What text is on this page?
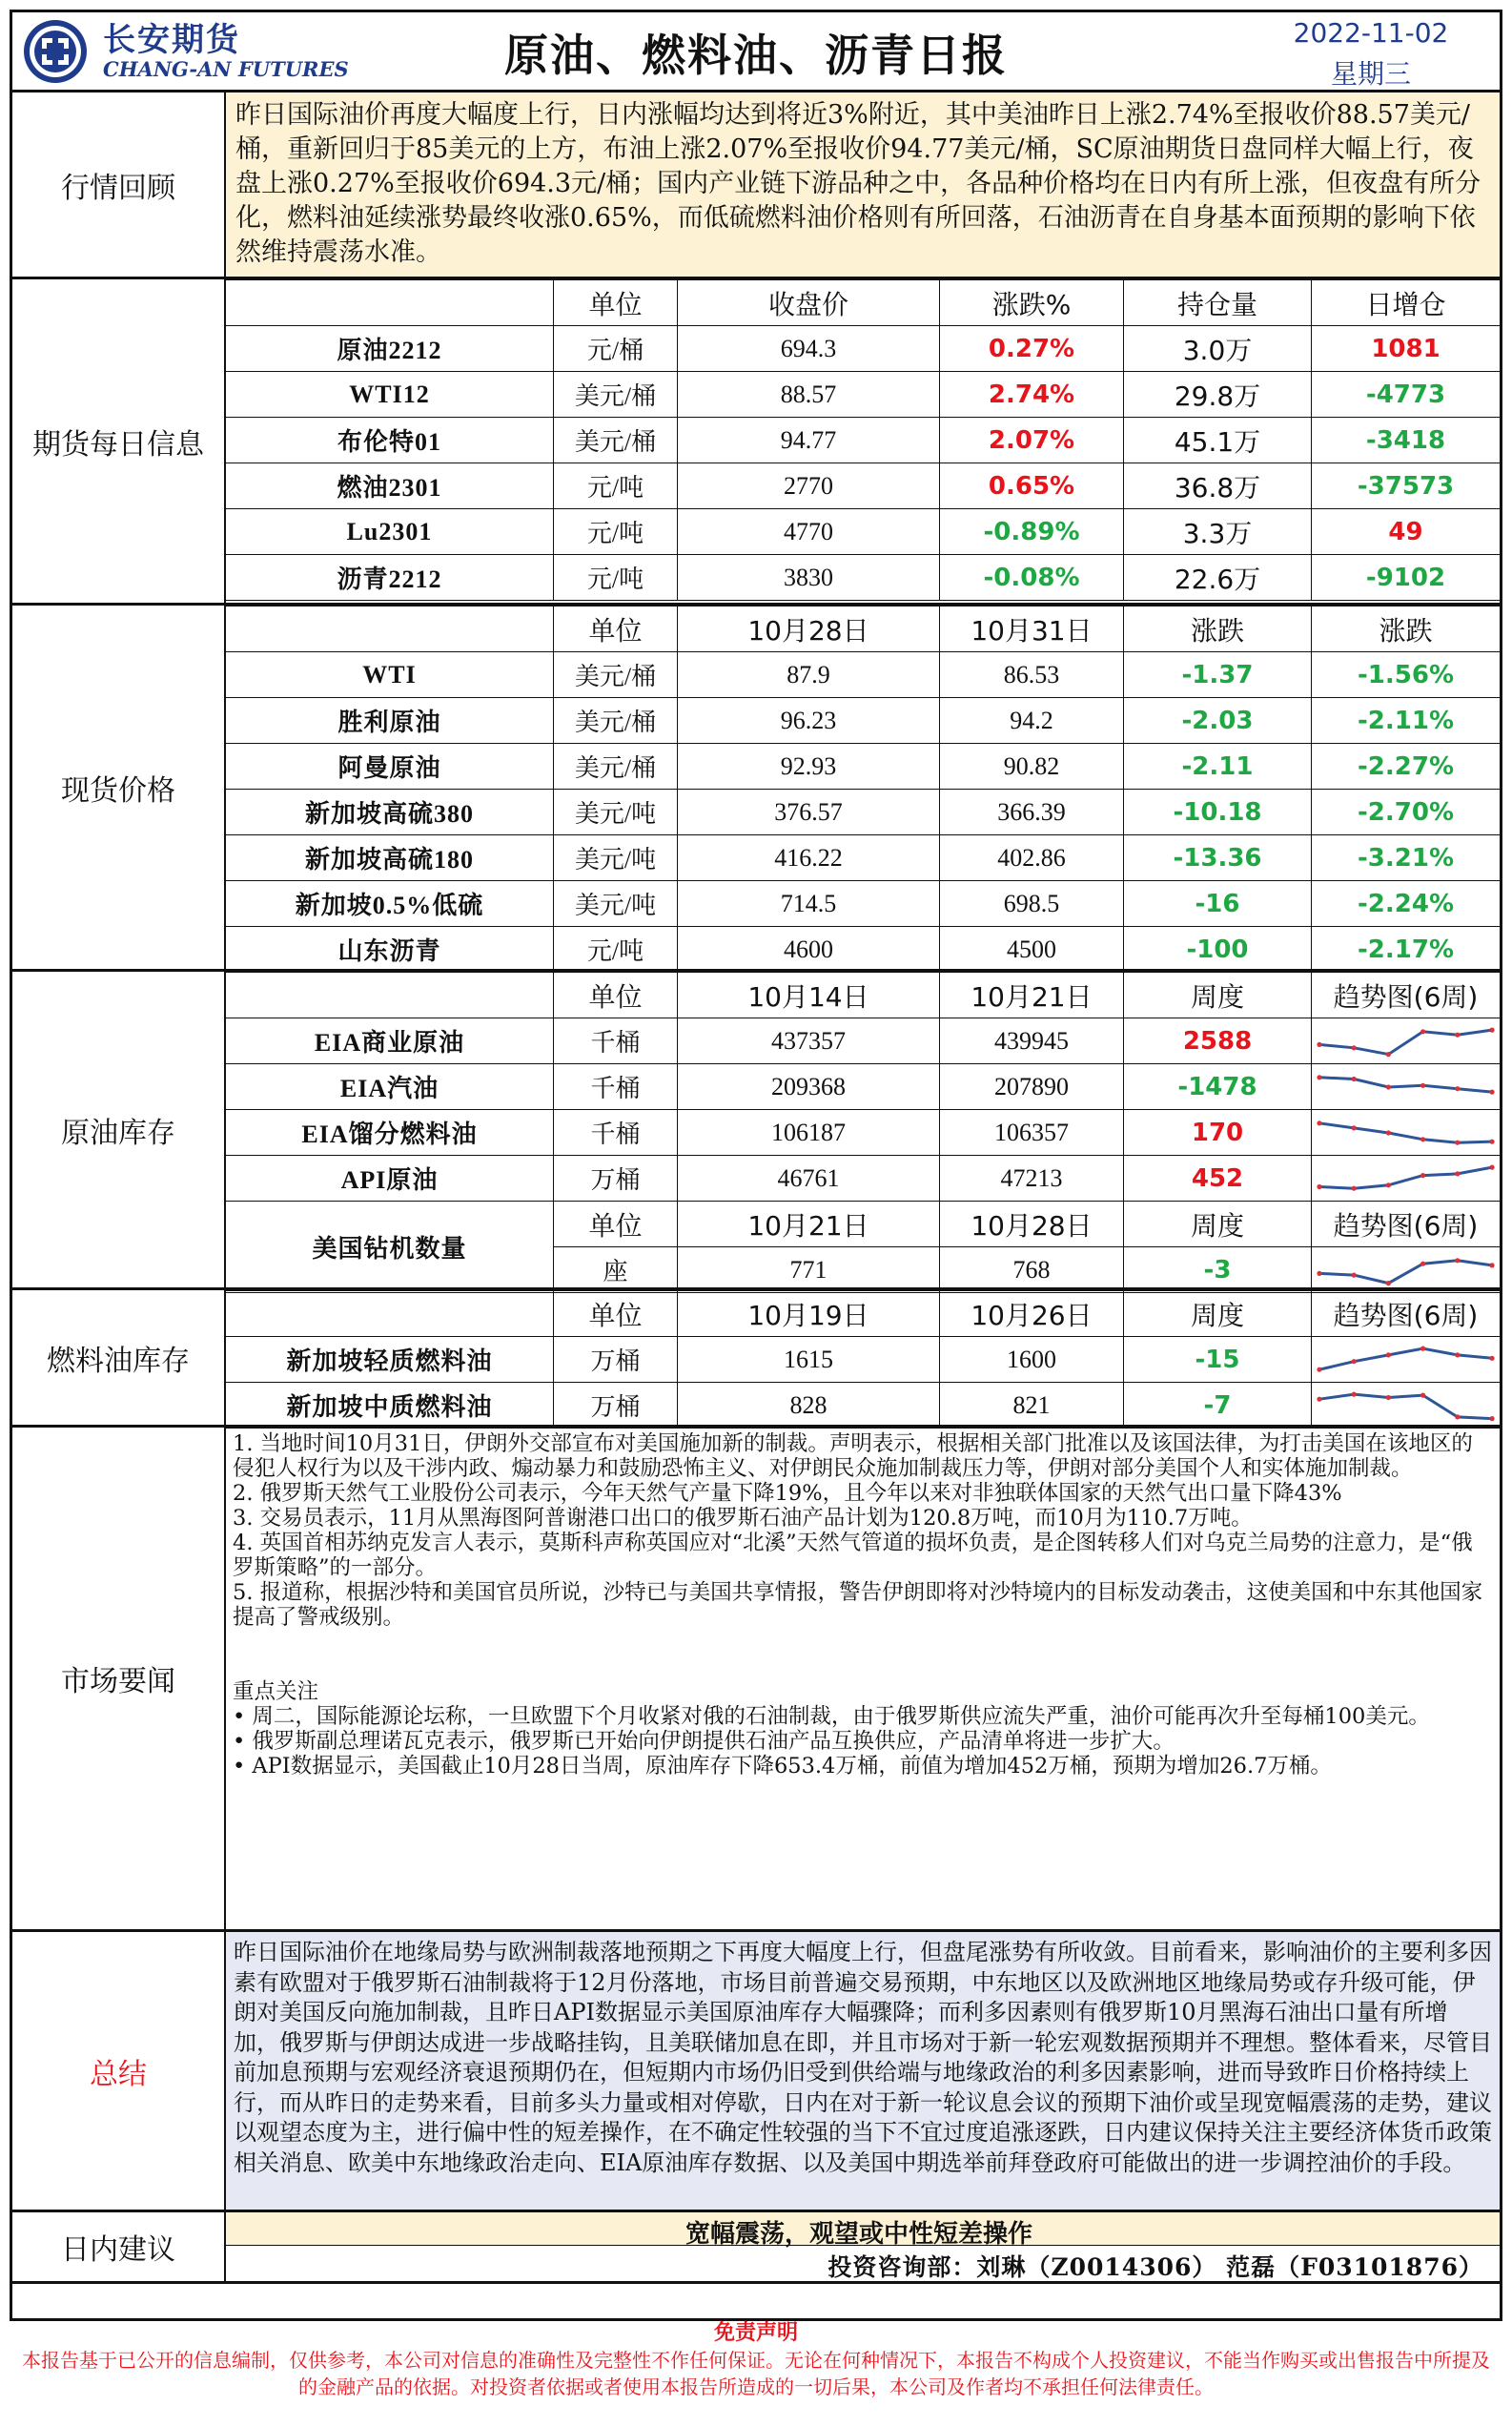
长安期货
CHANG-AN FUTURES	原油、燃料油、沥青日报	2022-11-02
星期三
行情回顾
昨日国际油价再度大幅度上行，日内涨幅均达到将近3%附近，其中美油昨日上涨2.74%至报收价88.57美元/桶，重新回归于85美元的上方，布油上涨2.07%至报收价94.77美元/桶，SC原油期货日盘同样大幅上行，夜盘上涨0.27%至报收价694.3元/桶；国内产业链下游品种之中，各品种价格均在日内有所上涨，但夜盘有所分化，燃料油延续涨势最终收涨0.65%，而低硫燃料油价格则有所回落，石油沥青在自身基本面预期的影响下依然维持震荡水准。
期货每日信息
	单位	收盘价	涨跌%	持仓量	日增仓
原油2212	元/桶	694.3	0.27%	3.0万	1081
WTI12	美元/桶	88.57	2.74%	29.8万	-4773
布伦特01	美元/桶	94.77	2.07%	45.1万	-3418
燃油2301	元/吨	2770	0.65%	36.8万	-37573
Lu2301	元/吨	4770	-0.89%	3.3万	49
沥青2212	元/吨	3830	-0.08%	22.6万	-9102
现货价格
	单位	10月28日	10月31日	涨跌	涨跌
WTI	美元/桶	87.9	86.53	-1.37	-1.56%
胜利原油	美元/桶	96.23	94.2	-2.03	-2.11%
阿曼原油	美元/桶	92.93	90.82	-2.11	-2.27%
新加坡高硫380	美元/吨	376.57	366.39	-10.18	-2.70%
新加坡高硫180	美元/吨	416.22	402.86	-13.36	-3.21%
新加坡0.5%低硫	美元/吨	714.5	698.5	-16	-2.24%
山东沥青	元/吨	4600	4500	-100	-2.17%
原油库存
	单位	10月14日	10月21日	周度	趋势图(6周)
EIA商业原油	千桶	437357	439945	2588	

EIA汽油	千桶	209368	207890	-1478	

EIA馏分燃料油	千桶	106187	106357	170	

API原油	万桶	46761	47213	452	

美国钻机数量	单位	10月21日	10月28日	周度	趋势图(6周)
	座	771	768	-3	
燃料油库存
	单位	10月19日	10月26日	周度	趋势图(6周)
新加坡轻质燃料油	万桶	1615	1600	-15	

新加坡中质燃料油	万桶	828	821	-7	
市场要闻

1. 当地时间10月31日，伊朗外交部宣布对美国施加新的制裁。声明表示，根据相关部门批准以及该国法律，为打击美国在该地区的侵犯人权行为以及干涉内政、煽动暴力和鼓励恐怖主义、对伊朗民众施加制裁压力等，伊朗对部分美国个人和实体施加制裁。

2. 俄罗斯天然气工业股份公司表示，今年天然气产量下降19%，且今年以来对非独联体国家的天然气出口量下降43%

3. 交易员表示，11月从黑海图阿普谢港口出口的俄罗斯石油产品计划为120.8万吨，而10月为110.7万吨。

4. 英国首相苏纳克发言人表示，莫斯科声称英国应对“北溪”天然气管道的损坏负责，是企图转移人们对乌克兰局势的注意力，是“俄罗斯策略”的一部分。

5. 报道称，根据沙特和美国官员所说，沙特已与美国共享情报，警告伊朗即将对沙特境内的目标发动袭击，这使美国和中东其他国家提高了警戒级别。

重点关注

• 周二，国际能源论坛称，一旦欧盟下个月收紧对俄的石油制裁，由于俄罗斯供应流失严重，油价可能再次升至每桶100美元。

• 俄罗斯副总理诺瓦克表示，俄罗斯已开始向伊朗提供石油产品互换供应，产品清单将进一步扩大。

• API数据显示，美国截止10月28日当周，原油库存下降653.4万桶，前值为增加452万桶，预期为增加26.7万桶。

总结
昨日国际油价在地缘局势与欧洲制裁落地预期之下再度大幅度上行，但盘尾涨势有所收敛。目前看来，影响油价的主要利多因素有欧盟对于俄罗斯石油制裁将于12月份落地，市场目前普遍交易预期，中东地区以及欧洲地区地缘局势或存升级可能，伊朗对美国反向施加制裁，且昨日API数据显示美国原油库存大幅骤降；而利多因素则有俄罗斯10月黑海石油出口量有所增加，俄罗斯与伊朗达成进一步战略挂钩，且美联储加息在即，并且市场对于新一轮宏观数据预期并不理想。整体看来，尽管目前加息预期与宏观经济衰退预期仍在，但短期内市场仍旧受到供给端与地缘政治的利多因素影响，进而导致昨日价格持续上行，而从昨日的走势来看，目前多头力量或相对停歇，日内在对于新一轮议息会议的预期下油价或呈现宽幅震荡的走势，建议以观望态度为主，进行偏中性的短差操作，在不确定性较强的当下不宜过度追涨逐跌，日内建议保持关注主要经济体货币政策相关消息、欧美中东地缘政治走向、EIA原油库存数据、以及美国中期选举前拜登政府可能做出的进一步调控油价的手段。
日内建议	宽幅震荡，观望或中性短差操作
投资咨询部：刘琳（Z0014306） 范磊（F03101876）
免责声明
本报告基于已公开的信息编制，仅供参考，本公司对信息的准确性及完整性不作任何保证。无论在何种情况下，本报告不构成个人投资建议，不能当作购买或出售报告中所提及的金融产品的依据。对投资者依据或者使用本报告所造成的一切后果，本公司及作者均不承担任何法律责任。
